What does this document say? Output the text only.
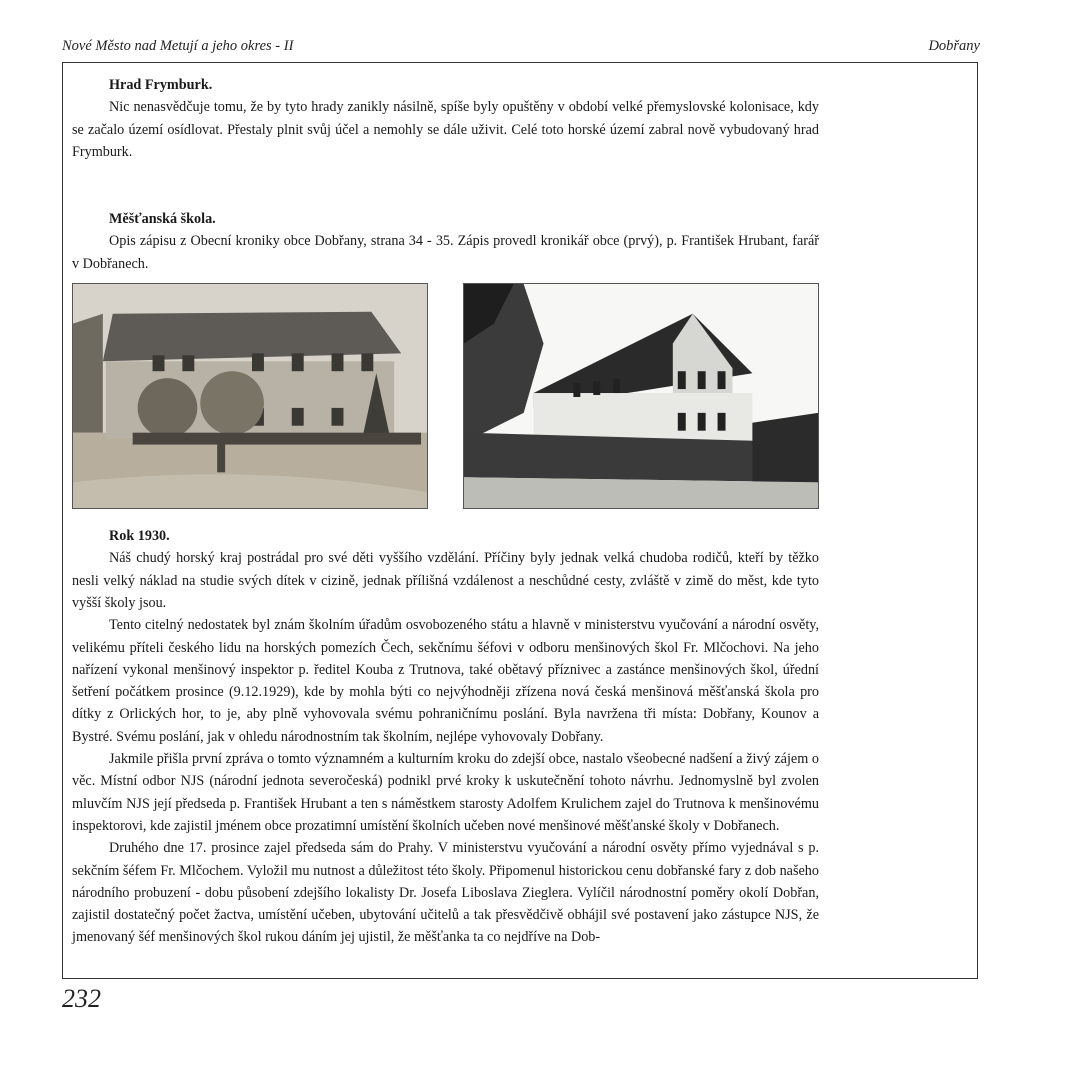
Nové Město nad Metují a jeho okres - II	Dobřany
Hrad Frymburk.

Nic nenasvědčuje tomu, že by tyto hrady zanikly násilně, spíše byly opuštěny v období velké přemyslovské kolonisace, kdy se začalo území osídlovat. Přestaly plnit svůj účel a nemohly se dále uživit. Celé toto horské území zabral nově vybudovaný hrad Frymburk.

Měšťanská škola.

Opis zápisu z Obecní kroniky obce Dobřany, strana 34 - 35. Zápis provedl kronikář obce (prvý), p. František Hrubant, farář v Dobřanech.

Rok 1930.

Náš chudý horský kraj postrádal pro své děti vyššího vzdělání. Příčiny byly jednak velká chudoba rodičů, kteří by těžko nesli velký náklad na studie svých dítek v cizině, jednak přílišná vzdálenost a neschůdné cesty, zvláště v zimě do měst, kde tyto vyšší školy jsou.

Tento citelný nedostatek byl znám školním úřadům osvobozeného státu a hlavně v ministerstvu vyučování a národní osvěty, velikému příteli českého lidu na horských pomezích Čech, sekčnímu šéfovi v odboru menšinových škol Fr. Mlčochovi. Na jeho nařízení vykonal menšinový inspektor p. ředitel Kouba z Trutnova, také obětavý příznivec a zastánce menšinových škol, úřední šetření počátkem prosince (9.12.1929), kde by mohla býti co nejvýhodněji zřízena nová česká menšinová měšťanská škola pro dítky z Orlických hor, to je, aby plně vyhovovala svému pohraničnímu poslání. Byla navržena tři místa: Dobřany, Kounov a Bystré. Svému poslání, jak v ohledu národnostním tak školním, nejlépe vyhovovaly Dobřany.

Jakmile přišla první zpráva o tomto významném a kulturním kroku do zdejší obce, nastalo všeobecné nadšení a živý zájem o věc. Místní odbor NJS (národní jednota severočeská) podnikl prvé kroky k uskutečnění tohoto návrhu. Jednomyslně byl zvolen mluvčím NJS její předseda p. František Hrubant a ten s náměstkem starosty Adolfem Krulichem zajel do Trutnova k menšinovému inspektorovi, kde zajistil jménem obce prozatimní umístění školních učeben nové menšinové měšťanské školy v Dobřanech.

Druhého dne 17. prosince zajel předseda sám do Prahy. V ministerstvu vyučování a národní osvěty přímo vyjednával s p. sekčním šéfem Fr. Mlčochem. Vyložil mu nutnost a důležitost této školy. Připomenul historickou cenu dobřanské fary z dob našeho národního probuzení - dobu působení zdejšího lokalisty Dr. Josefa Liboslava Zieglera. Vylíčil národnostní poměry okolí Dobřan, zajistil dostatečný počet žactva, umístění učeben, ubytování učitelů a tak přesvědčivě obhájil své postavení jako zástupce NJS, že jmenovaný šéf menšinových škol rukou dáním jej ujistil, že měšťanka ta co nejdříve na Dob-

232
